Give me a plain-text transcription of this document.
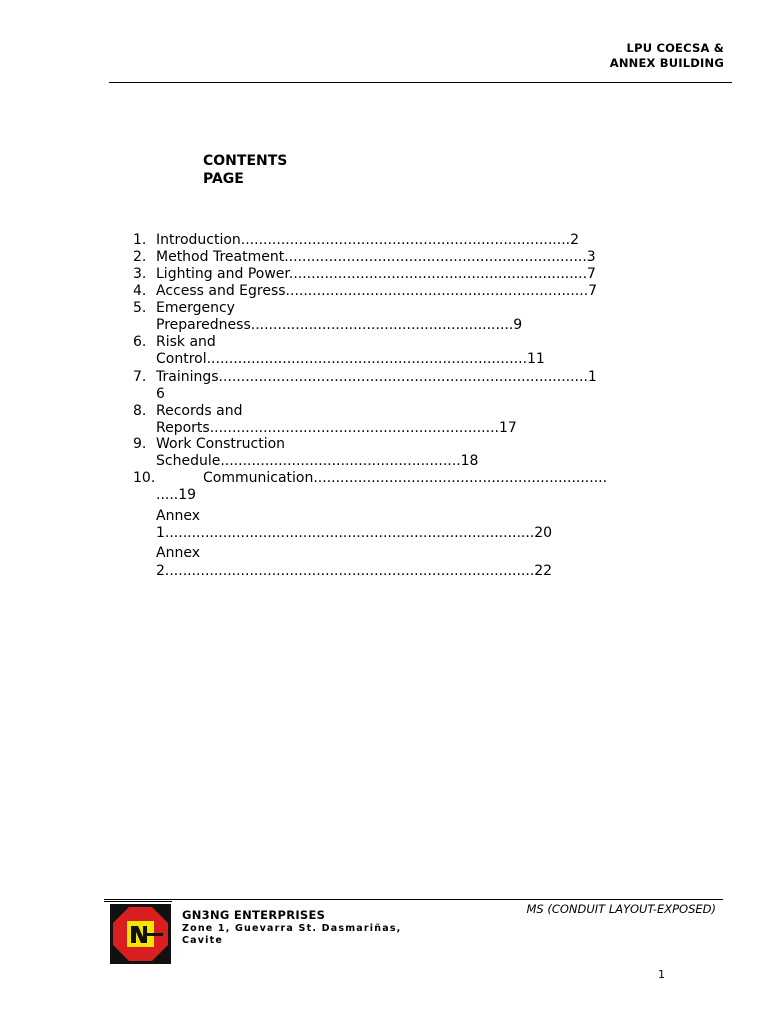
LPU COECSA &
ANNEX BUILDING
CONTENTS
PAGE
1. Introduction..........................................................................2
2. Method Treatment....................................................................3
3. Lighting and Power...................................................................7
4. Access and Egress....................................................................7
5. Emergency
Preparedness...........................................................9
6. Risk and
Control........................................................................11
7. Trainings...................................................................................1
6
8. Records and
Reports.................................................................17
9. Work Construction
Schedule......................................................18
10.	Communication..................................................................
.....19
Annex
1...................................................................................20
Annex
2...................................................................................22
GN3NG ENTERPRISES
Zone 1, Guevarra St. Dasmariñas,
Cavite
MS (CONDUIT LAYOUT-EXPOSED)
1
